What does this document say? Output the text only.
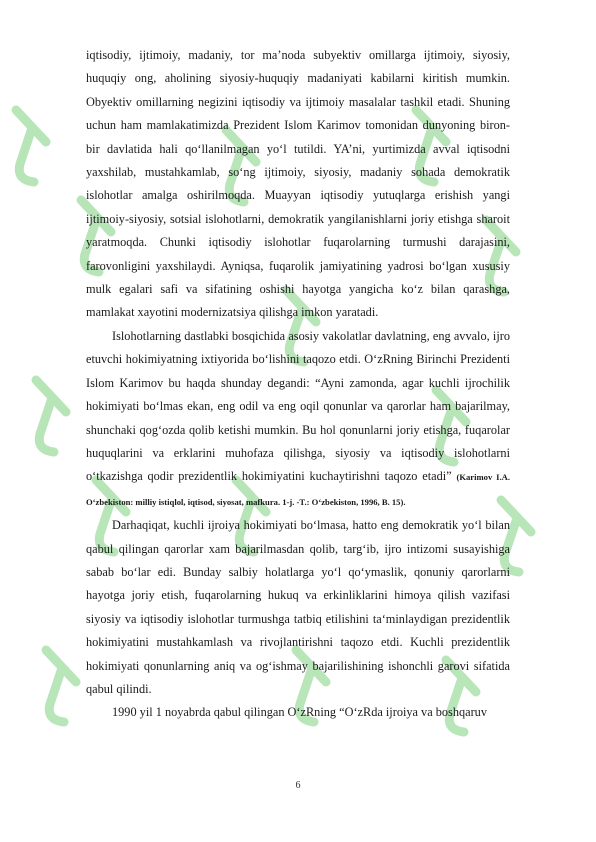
iqtisodiy, ijtimoiy, madaniy, tor ma’noda subyektiv omillarga ijtimoiy, siyosiy, huquqiy ong, aholining siyosiy-huquqiy madaniyati kabilarni kiritish mumkin. Obyektiv omillarning negizini iqtisodiy va ijtimoiy masalalar tashkil etadi. Shuning uchun ham mamlakatimizda Prezident Islom Karimov tomonidan dunyoning biron-bir davlatida hali qo‘llanilmagan yo‘l tutildi. YA’ni, yurtimizda avval iqtisodni yaxshilab, mustahkamlab, so‘ng ijtimoiy, siyosiy, madaniy sohada demokratik islohotlar amalga oshirilmoqda. Muayyan iqtisodiy yutuqlarga erishish yangi ijtimoiy-siyosiy, sotsial islohotlarni, demokratik yangilanishlarni joriy etishga sharoit yaratmoqda. Chunki iqtisodiy islohotlar fuqarolarning turmushi darajasini, farovonligini yaxshilaydi. Ayniqsa, fuqarolik jamiyatining yadrosi bo‘lgan xususiy mulk egalari safi va sifatining oshishi hayotga yangicha ko‘z bilan qarashga, mamlakat xayotini modernizatsiya qilishga imkon yaratadi.

Islohotlarning dastlabki bosqichida asosiy vakolatlar davlatning, eng avvalo, ijro etuvchi hokimiyatning ixtiyorida bo‘lishini taqozo etdi. O‘zRning Birinchi Prezidenti Islom Karimov bu haqda shunday degandi: “Ayni zamonda, agar kuchli ijrochilik hokimiyati bo‘lmas ekan, eng odil va eng oqil qonunlar va qarorlar ham bajarilmay, shunchaki qog‘ozda qolib ketishi mumkin. Bu hol qonunlarni joriy etishga, fuqarolar huquqlarini va erklarini muhofaza qilishga, siyosiy va iqtisodiy islohotlarni o‘tkazishga qodir prezidentlik hokimiyatini kuchaytirishni taqozo etadi” (Karimov I.A. O‘zbekiston: milliy istiqlol, iqtisod, siyosat, mafkura. 1-j. -T.: O‘zbekiston, 1996, B. 15).

Darhaqiqat, kuchli ijroiya hokimiyati bo‘lmasa, hatto eng demokratik yo‘l bilan qabul qilingan qarorlar xam bajarilmasdan qolib, targ‘ib, ijro intizomi susayishiga sabab bo‘lar edi. Bunday salbiy holatlarga yo‘l qo‘ymaslik, qonuniy qarorlarni hayotga joriy etish, fuqarolarning hukuq va erkinliklarini himoya qilish vazifasi siyosiy va iqtisodiy islohotlar turmushga tatbiq etilishini ta‘minlaydigan prezidentlik hokimiyatini mustahkamlash va rivojlantirishni taqozo etdi. Kuchli prezidentlik hokimiyati qonunlarning aniq va og‘ishmay bajarilishining ishonchli garovi sifatida qabul qilindi.

1990 yil 1 noyabrda qabul qilingan O‘zRning “O‘zRda ijroiya va boshqaruv

6
